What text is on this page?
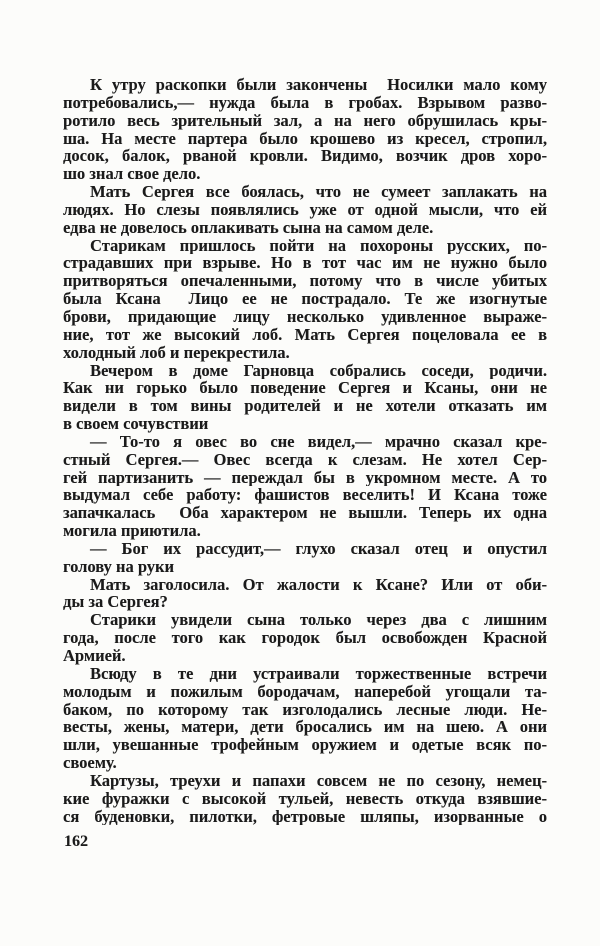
К утру раскопки были закончены  Носилки мало кому
потребовались,— нужда была в гробах. Взрывом разво-
ротило весь зрительный зал, а на него обрушилась кры-
ша. На месте партера было крошево из кресел, стропил,
досок, балок, рваной кровли. Видимо, возчик дров хоро-
шо знал свое дело.
Мать Сергея все боялась, что не сумеет заплакать на
людях. Но слезы появлялись уже от одной мысли, что ей
едва не довелось оплакивать сына на самом деле.
Старикам пришлось пойти на похороны русских, по-
страдавших при взрыве. Но в тот час им не нужно было
притворяться опечаленными, потому что в числе убитых
была Ксана  Лицо ее не пострадало. Те же изогнутые
брови, придающие лицу несколько удивленное выраже-
ние, тот же высокий лоб. Мать Сергея поцеловала ее в
холодный лоб и перекрестила.
Вечером в доме Гарновца собрались соседи, родичи.
Как ни горько было поведение Сергея и Ксаны, они не
видели в том вины родителей и не хотели отказать им
в своем сочувствии
— То-то я овес во сне видел,— мрачно сказал кре-
стный Сергея.— Овес всегда к слезам. Не хотел Сер-
гей партизанить — переждал бы в укромном месте. А то
выдумал себе работу: фашистов веселить! И Ксана тоже
запачкалась  Оба характером не вышли. Теперь их одна
могила приютила.
— Бог их рассудит,— глухо сказал отец и опустил
голову на руки
Мать заголосила. От жалости к Ксане? Или от оби-
ды за Сергея?
Старики увидели сына только через два с лишним
года, после того как городок был освобожден Красной
Армией.
Всюду в те дни устраивали торжественные встречи
молодым и пожилым бородачам, наперебой угощали та-
баком, по которому так изголодались лесные люди. Не-
весты, жены, матери, дети бросались им на шею. А они
шли, увешанные трофейным оружием и одетые всяк по-
своему.
Картузы, треухи и папахи совсем не по сезону, немец-
кие фуражки с высокой тульей, невесть откуда взявшие-
ся буденовки, пилотки, фетровые шляпы, изорванные о
162
